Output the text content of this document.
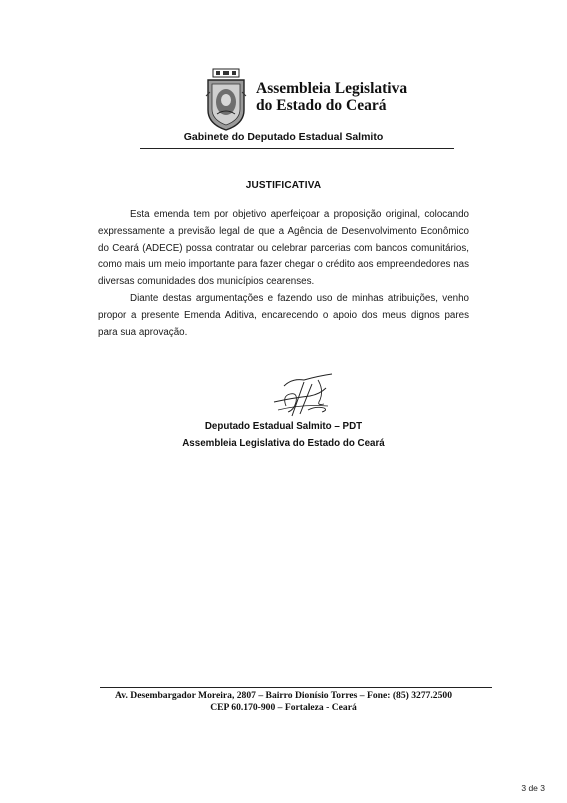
Assembleia Legislativa
do Estado do Ceará
Gabinete do Deputado Estadual Salmito
JUSTIFICATIVA

Esta emenda tem por objetivo aperfeiçoar a proposição original, colocando expressamente a previsão legal de que a Agência de Desenvolvimento Econômico do Ceará (ADECE) possa contratar ou celebrar parcerias com bancos comunitários, como mais um meio importante para fazer chegar o crédito aos empreendedores nas diversas comunidades dos municípios cearenses.

Diante destas argumentações e fazendo uso de minhas atribuições, venho propor a presente Emenda Aditiva, encarecendo o apoio dos meus dignos pares para sua aprovação.

Deputado Estadual Salmito – PDT
Assembleia Legislativa do Estado do Ceará
Av. Desembargador Moreira, 2807 – Bairro Dionísio Torres – Fone: (85) 3277.2500
CEP 60.170-900 – Fortaleza - Ceará
3 de 3
